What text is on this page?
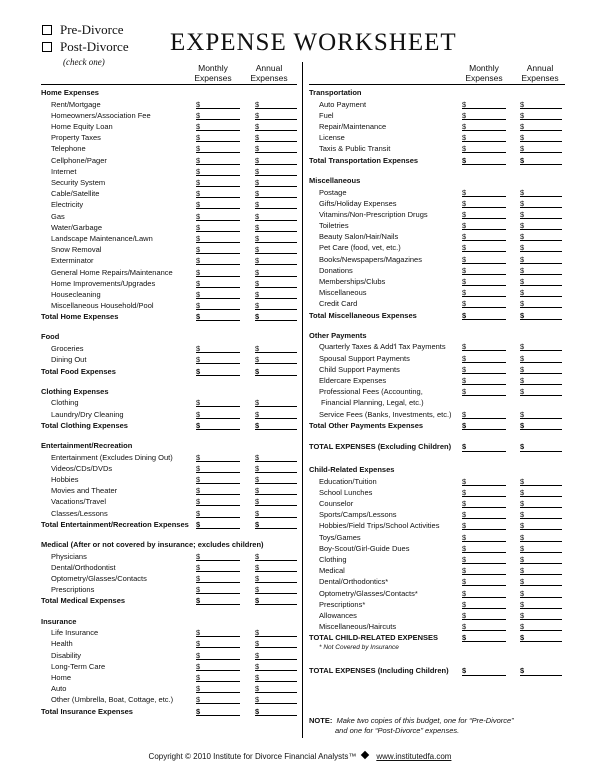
Pre-Divorce
Post-Divorce
(check one)
EXPENSE WORKSHEET
Monthly
Expenses
Annual
Expenses
Monthly
Expenses
Annual
Expenses
Home Expenses
Rent/Mortgage	$	$
Homeowners/Association Fee	$	$
Home Equity Loan	$	$
Property Taxes	$	$
Telephone	$	$
Cellphone/Pager	$	$
Internet	$	$
Security System	$	$
Cable/Satellite	$	$
Electricity	$	$
Gas	$	$
Water/Garbage	$	$
Landscape Maintenance/Lawn	$	$
Snow Removal	$	$
Exterminator	$	$
General Home Repairs/Maintenance	$	$
Home Improvements/Upgrades	$	$
Housecleaning	$	$
Miscellaneous Household/Pool	$	$
Total Home Expenses	$	$
Food
Groceries	$	$
Dining Out	$	$
Total Food Expenses	$	$
Clothing Expenses
Clothing	$	$
Laundry/Dry Cleaning	$	$
Total Clothing Expenses	$	$
Entertainment/Recreation
Entertainment (Excludes Dining Out)	$	$
Videos/CDs/DVDs	$	$
Hobbies	$	$
Movies and Theater	$	$
Vacations/Travel	$	$
Classes/Lessons	$	$
Total Entertainment/Recreation Expenses $	$
Medical (After or not covered by insurance; excludes children)
Physicians	$	$
Dental/Orthodontist	$	$
Optometry/Glasses/Contacts	$	$
Prescriptions	$	$
Total Medical Expenses	$	$
Insurance
Life Insurance	$	$
Health	$	$
Disability	$	$
Long-Term Care	$	$
Home	$	$
Auto	$	$
Other (Umbrella, Boat, Cottage, etc.)	$	$
Total Insurance Expenses	$	$
Transportation
Auto Payment	$	$
Fuel	$	$
Repair/Maintenance	$	$
License	$	$
Taxis & Public Transit	$	$
Total Transportation Expenses	$	$
Miscellaneous
Postage	$	$
Gifts/Holiday Expenses	$	$
Vitamins/Non-Prescription Drugs	$	$
Toiletries	$	$
Beauty Salon/Hair/Nails	$	$
Pet Care (food, vet, etc.)	$	$
Books/Newspapers/Magazines	$	$
Donations	$	$
Memberships/Clubs	$	$
Miscellaneous	$	$
Credit Card	$	$
Total Miscellaneous Expenses	$	$
Other Payments
Quarterly Taxes & Add'l Tax Payments $	$
Spousal Support Payments	$	$
Child Support Payments	$	$
Eldercare Expenses	$	$
Professional Fees (Accounting,	$	$
Financial Planning, Legal, etc.)
Service Fees (Banks, Investments, etc.) $	$
Total Other Payments Expenses	$	$
TOTAL EXPENSES (Excluding Children) $	$
Child-Related Expenses
Education/Tuition	$	$
School Lunches	$	$
Counselor	$	$
Sports/Camps/Lessons	$	$
Hobbies/Field Trips/School Activities	$	$
Toys/Games	$	$
Boy-Scout/Girl-Guide Dues	$	$
Clothing	$	$
Medical	$	$
Dental/Orthodontics*	$	$
Optometry/Glasses/Contacts*	$	$
Prescriptions*	$	$
Allowances	$	$
Miscellaneous/Haircuts	$	$
TOTAL CHILD-RELATED EXPENSES	$	$
* Not Covered by Insurance
TOTAL EXPENSES (Including Children) $	$
NOTE: Make two copies of this budget, one for “Pre-Divorce”
and one for “Post-Divorce” expenses.
Copyright © 2010 Institute for Divorce Financial Analysts™	www.institutedfa.com
